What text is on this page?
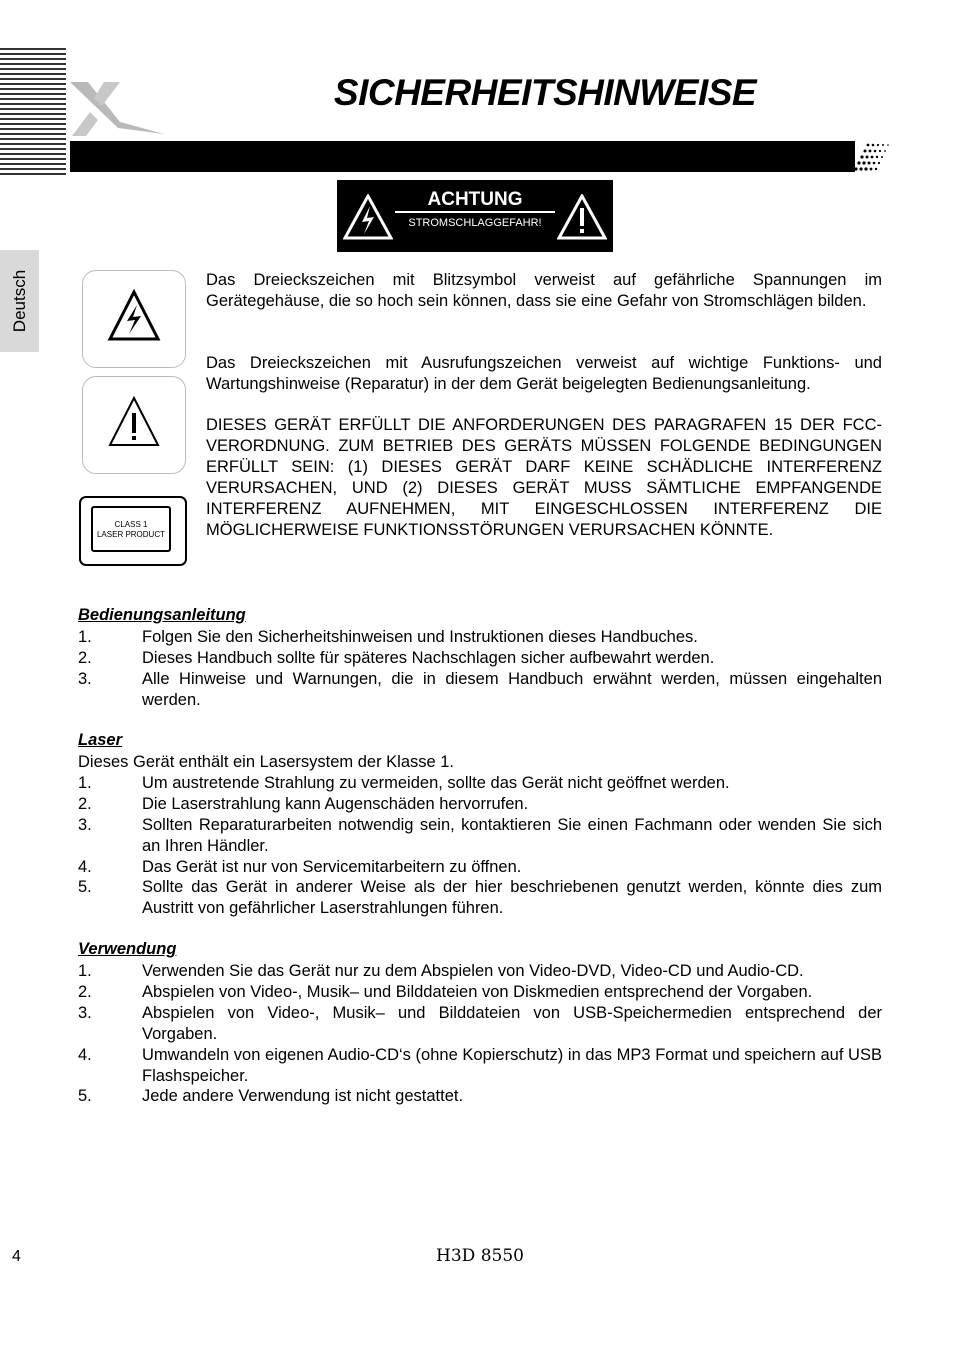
SICHERHEITSHINWEISE
Deutsch
ACHTUNG
STROMSCHLAGGEFAHR!
CLASS 1
LASER PRODUCT
Das Dreieckszeichen mit Blitzsymbol verweist auf gefährliche Spannungen im Gerätegehäuse, die so hoch sein können, dass sie eine Gefahr von Stromschlägen bilden.
Das Dreieckszeichen mit Ausrufungszeichen verweist auf wichtige Funktions- und Wartungshinweise (Reparatur) in der dem Gerät beigelegten Bedienungsanleitung.
DIESES GERÄT ERFÜLLT DIE ANFORDERUNGEN DES PARAGRAFEN 15 DER FCC-VERORDNUNG. ZUM BETRIEB DES GERÄTS MÜSSEN FOLGENDE BEDINGUNGEN ERFÜLLT SEIN: (1) DIESES GERÄT DARF KEINE SCHÄDLICHE INTERFERENZ VERURSACHEN, UND (2) DIESES GERÄT MUSS SÄMTLICHE EMPFANGENDE INTERFERENZ AUFNEHMEN, MIT EINGESCHLOSSEN INTERFERENZ DIE MÖGLICHERWEISE FUNKTIONSSTÖRUNGEN VERURSACHEN KÖNNTE.
Bedienungsanleitung
1.	Folgen Sie den Sicherheitshinweisen und Instruktionen dieses Handbuches.
2.	Dieses Handbuch sollte für späteres Nachschlagen sicher aufbewahrt werden.
3.	Alle Hinweise und Warnungen, die in diesem Handbuch erwähnt werden, müssen eingehalten werden.
Laser
Dieses Gerät enthält ein Lasersystem der Klasse 1.
1.	Um austretende Strahlung zu vermeiden, sollte das Gerät nicht geöffnet werden.
2.	Die Laserstrahlung kann Augenschäden hervorrufen.
3.	Sollten Reparaturarbeiten notwendig sein, kontaktieren Sie einen Fachmann oder wenden Sie sich an Ihren Händler.
4.	Das Gerät ist nur von Servicemitarbeitern zu öffnen.
5.	Sollte das Gerät in anderer Weise als der hier beschriebenen genutzt werden, könnte dies zum Austritt von gefährlicher Laserstrahlungen führen.
Verwendung
1.	Verwenden Sie das Gerät nur zu dem Abspielen von Video-DVD, Video-CD und Audio-CD.
2.	Abspielen von Video-, Musik– und Bilddateien von Diskmedien entsprechend der Vorgaben.
3.	Abspielen von Video-, Musik– und Bilddateien von USB-Speichermedien entsprechend der Vorgaben.
4.	Umwandeln von eigenen Audio-CD‘s (ohne Kopierschutz) in das MP3 Format und speichern auf USB Flashspeicher.
5.	Jede andere Verwendung ist nicht gestattet.
4	H3D 8550
